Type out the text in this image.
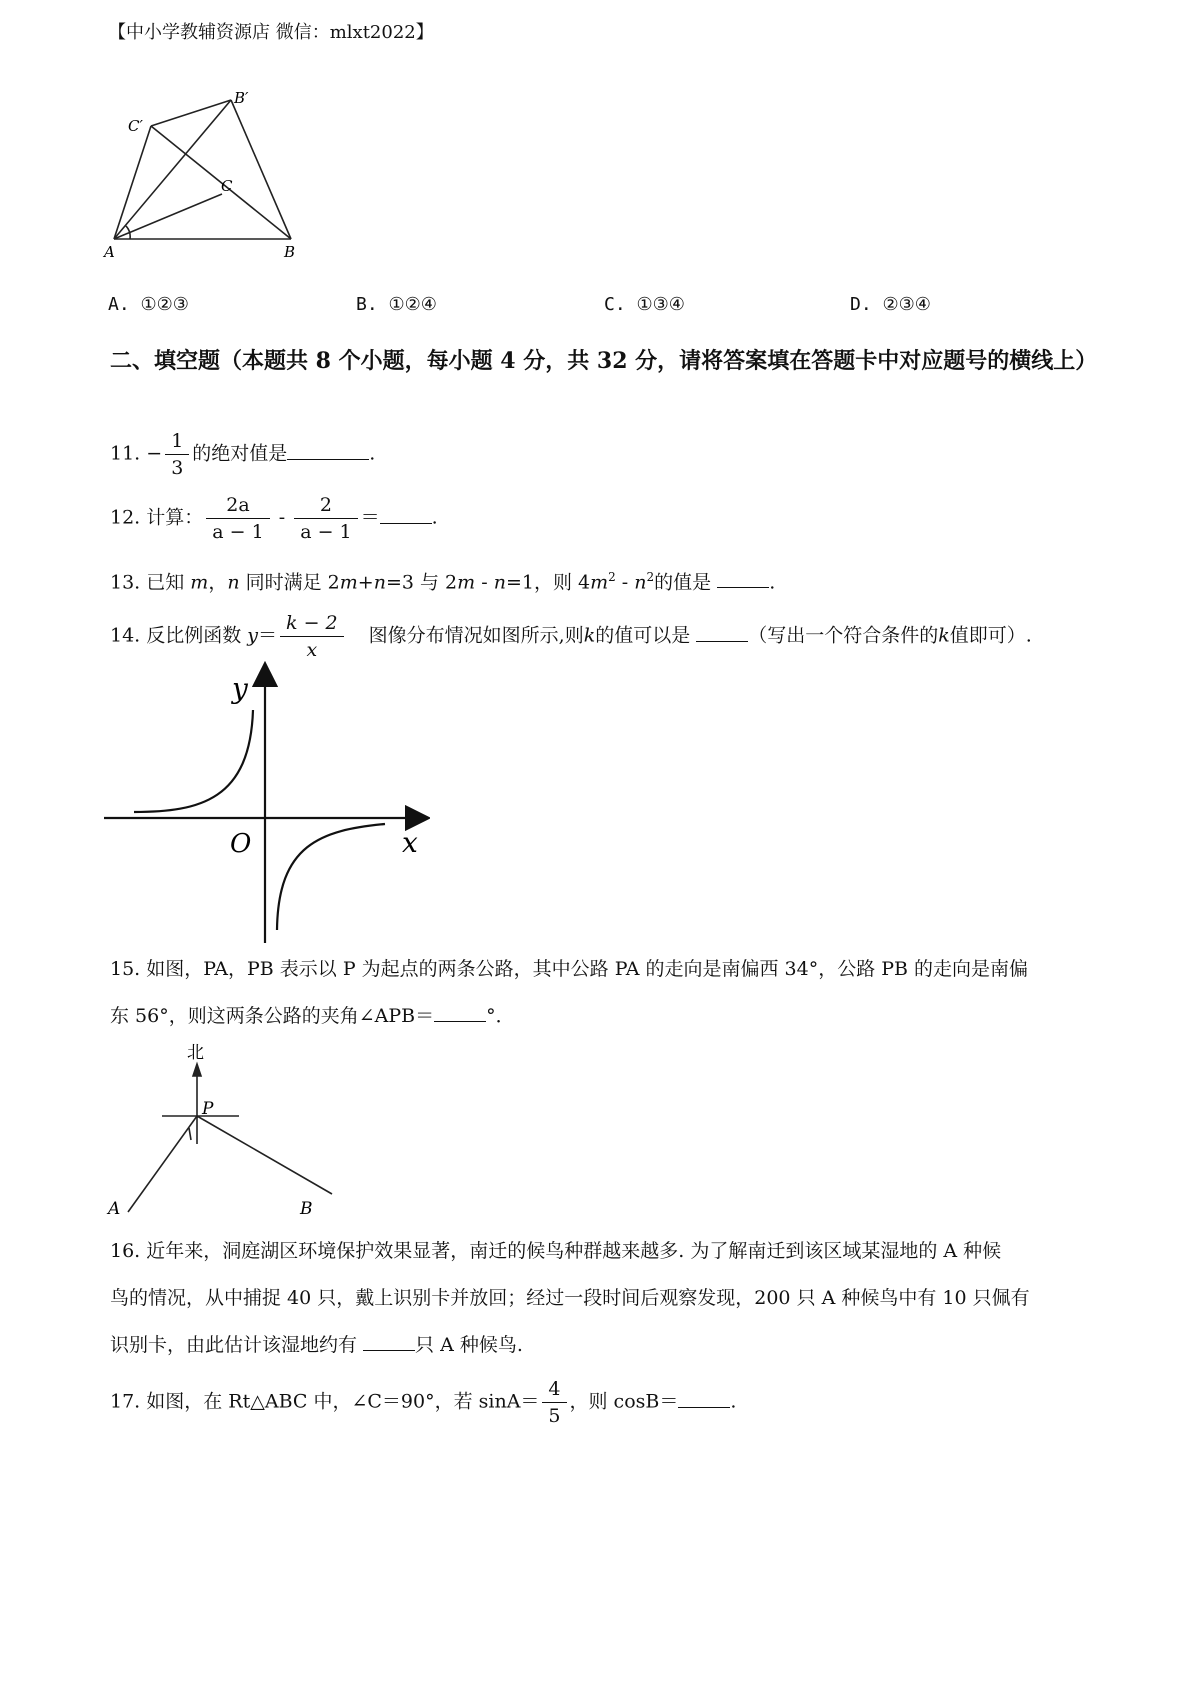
【中小学教辅资源店 微信：mlxt2022】
A	B
C
B′
C′
A. ①②③	B. ①②④	C. ①③④	D. ②③④
二、填空题（本题共 8 个小题，每小题 4 分，共 32 分，请将答案填在答题卡中对应题号的横线上）
11. − $\frac{1}{3}$ 的绝对值是	.
12. 计算： $\frac{2a}{a - 1} - \frac{2}{a - 1}$ ＝	.
13. 已知 m，n 同时满足 2m+n=3 与 2m - n=1，则 $4m^2 - n^2$的值是	.
14. 反比例函数 $y= \frac{k - 2}{x}$ 图像分布情况如图所示,则k的值可以是	（写出一个符合条件的k值即可）.
y
x
O
15. 如图，PA，PB 表示以 P 为起点的两条公路，其中公路 PA 的走向是南偏西 34°，公路 PB 的走向是南偏
东 56°，则这两条公路的夹角∠APB＝	°．
北
P
A	B
16. 近年来，洞庭湖区环境保护效果显著，南迁的候鸟种群越来越多. 为了解南迁到该区域某湿地的 A 种候
鸟的情况，从中捕捉 40 只，戴上识别卡并放回；经过一段时间后观察发现，200 只 A 种候鸟中有 10 只佩有
识别卡，由此估计该湿地约有	只 A 种候鸟.
17. 如图，在 Rt△ABC 中，∠C＝90°，若 $\sin A= \frac{4}{5}$ ，则 cosB＝	.
